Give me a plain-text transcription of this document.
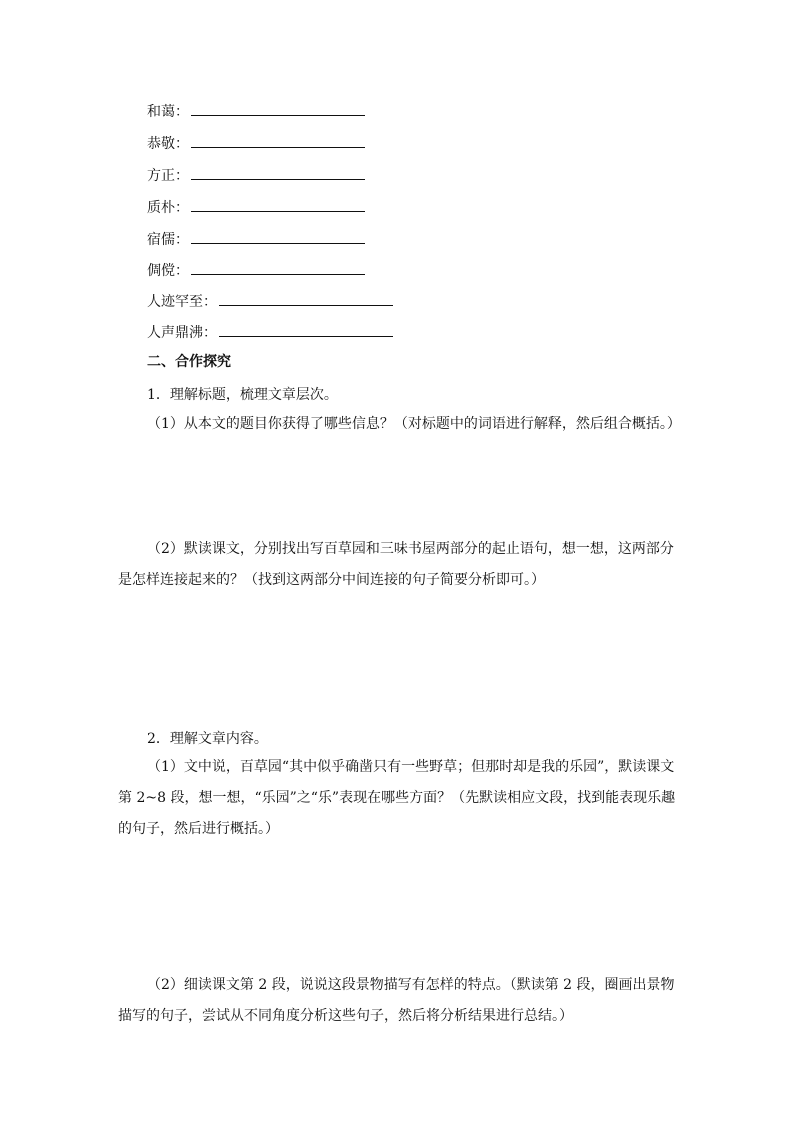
和蔼：
恭敬：
方正：
质朴：
宿儒：
倜傥：
人迹罕至：
人声鼎沸：
二、合作探究
1．理解标题，梳理文章层次。
（1）从本文的题目你获得了哪些信息？（对标题中的词语进行解释，然后组合概括。）
（2）默读课文，分别找出写百草园和三味书屋两部分的起止语句，想一想，这两部分是怎样连接起来的？（找到这两部分中间连接的句子简要分析即可。）
2．理解文章内容。
（1）文中说，百草园“其中似乎确凿只有一些野草；但那时却是我的乐园”，默读课文第 2~8 段，想一想，“乐园”之“乐”表现在哪些方面？（先默读相应文段，找到能表现乐趣的句子，然后进行概括。）
（2）细读课文第 2 段，说说这段景物描写有怎样的特点。（默读第 2 段，圈画出景物描写的句子，尝试从不同角度分析这些句子，然后将分析结果进行总结。）
